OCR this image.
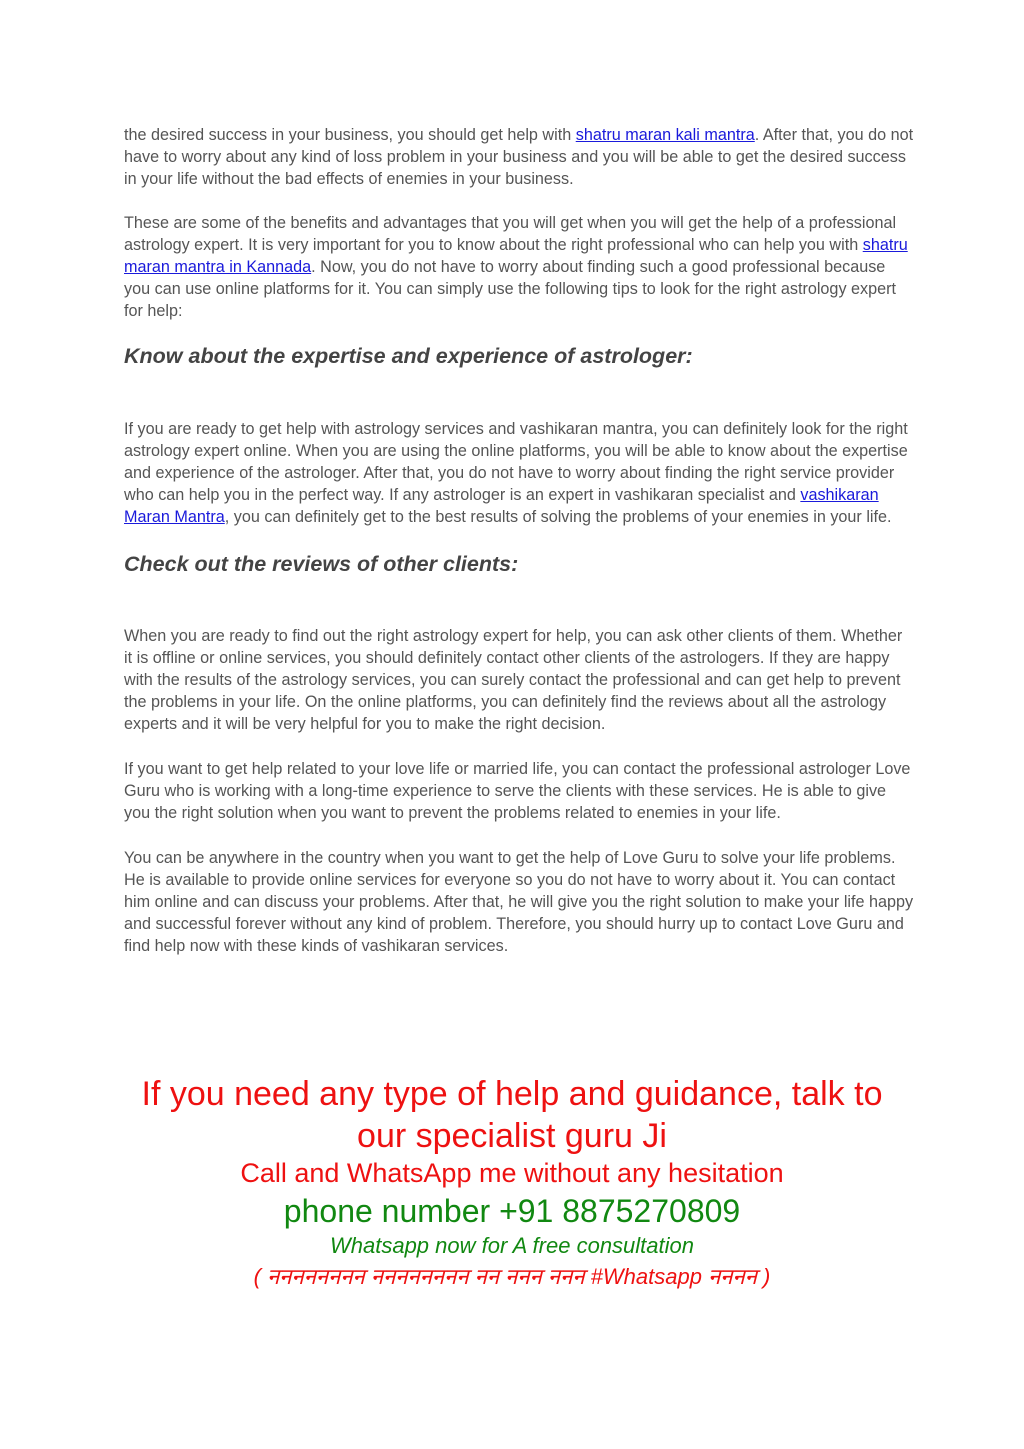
the desired success in your business, you should get help with shatru maran kali mantra. After that, you do not have to worry about any kind of loss problem in your business and you will be able to get the desired success in your life without the bad effects of enemies in your business.

These are some of the benefits and advantages that you will get when you will get the help of a professional astrology expert. It is very important for you to know about the right professional who can help you with shatru maran mantra in Kannada. Now, you do not have to worry about finding such a good professional because you can use online platforms for it. You can simply use the following tips to look for the right astrology expert for help:

Know about the expertise and experience of astrologer:

If you are ready to get help with astrology services and vashikaran mantra, you can definitely look for the right astrology expert online. When you are using the online platforms, you will be able to know about the expertise and experience of the astrologer. After that, you do not have to worry about finding the right service provider who can help you in the perfect way. If any astrologer is an expert in vashikaran specialist and vashikaran Maran Mantra, you can definitely get to the best results of solving the problems of your enemies in your life.

Check out the reviews of other clients:

When you are ready to find out the right astrology expert for help, you can ask other clients of them. Whether it is offline or online services, you should definitely contact other clients of the astrologers. If they are happy with the results of the astrology services, you can surely contact the professional and can get help to prevent the problems in your life. On the online platforms, you can definitely find the reviews about all the astrology experts and it will be very helpful for you to make the right decision.

If you want to get help related to your love life or married life, you can contact the professional astrologer Love Guru who is working with a long-time experience to serve the clients with these services. He is able to give you the right solution when you want to prevent the problems related to enemies in your life.

You can be anywhere in the country when you want to get the help of Love Guru to solve your life problems. He is available to provide online services for everyone so you do not have to worry about it. You can contact him online and can discuss your problems. After that, he will give you the right solution to make your life happy and successful forever without any kind of problem. Therefore, you should hurry up to contact Love Guru and find help now with these kinds of vashikaran services.

If you need any type of help and guidance, talk to our specialist guru Ji
Call and WhatsApp me without any hesitation
phone number +91 8875270809
Whatsapp now for A free consultation
( नननननननन नननननननन नन ननन ननन #Whatsapp नननन )
